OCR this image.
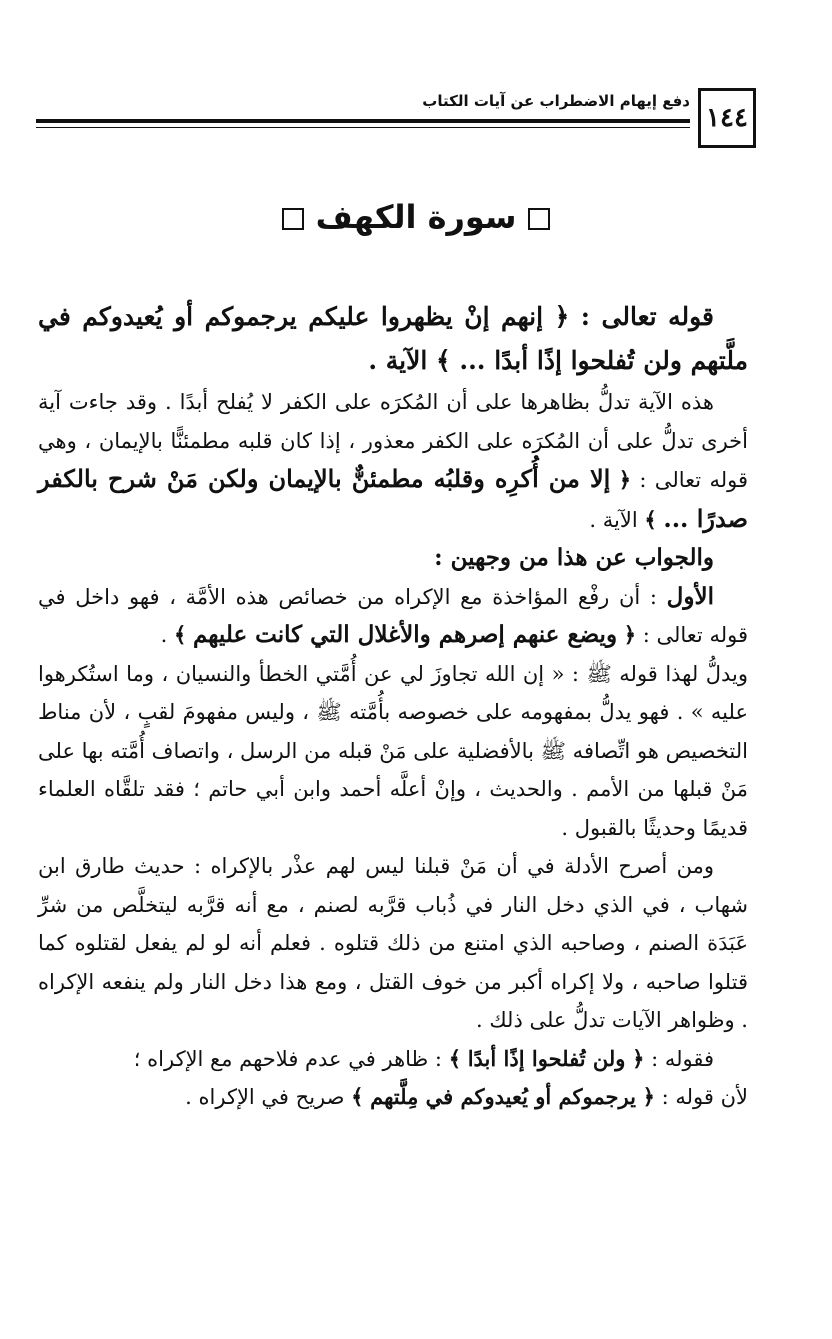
١٤٤
دفع إيهام الاضطراب عن آيات الكتاب
سورة الكهف

قوله تعالى : ﴿ إنهم إنْ يظهروا عليكم يرجموكم أو يُعيدوكم في ملَّتهم ولن تُفلحوا إذًا أبدًا ... ﴾ الآية .

هذه الآية تدلُّ بظاهرها على أن المُكرَه على الكفر لا يُفلح أبدًا . وقد جاءت آية أخرى تدلُّ على أن المُكرَه على الكفر معذور ، إذا كان قلبه مطمئنًّا بالإيمان ، وهي قوله تعالى : ﴿ إلا من أُكرِه وقلبُه مطمئنٌّ بالإيمان ولكن مَنْ شرح بالكفر صدرًا ... ﴾ الآية .

والجواب عن هذا من وجهين :

الأول : أن رفْع المؤاخذة مع الإكراه من خصائص هذه الأمَّة ، فهو داخل في قوله تعالى : ﴿ ويضع عنهم إصرهم والأغلال التي كانت عليهم ﴾ .

ويدلُّ لهذا قوله ﷺ : « إن الله تجاوزَ لي عن أُمَّتي الخطأ والنسيان ، وما استُكرهوا عليه » . فهو يدلُّ بمفهومه على خصوصه بأُمَّته ﷺ ، وليس مفهومَ لقبٍ ، لأن مناط التخصيص هو اتِّصافه ﷺ بالأفضلية على مَنْ قبله من الرسل ، واتصاف أُمَّته بها على مَنْ قبلها من الأمم . والحديث ، وإنْ أعلَّه أحمد وابن أبي حاتم ؛ فقد تلقَّاه العلماء قديمًا وحديثًا بالقبول .

ومن أصرح الأدلة في أن مَنْ قبلنا ليس لهم عذْر بالإكراه : حديث طارق ابن شهاب ، في الذي دخل النار في ذُباب قرَّبه لصنم ، مع أنه قرَّبه ليتخلَّص من شرِّ عَبَدَة الصنم ، وصاحبه الذي امتنع من ذلك قتلوه . فعلم أنه لو لم يفعل لقتلوه كما قتلوا صاحبه ، ولا إكراه أكبر من خوف القتل ، ومع هذا دخل النار ولم ينفعه الإكراه . وظواهر الآيات تدلُّ على ذلك .

فقوله : ﴿ ولن تُفلحوا إذًا أبدًا ﴾ : ظاهر في عدم فلاحهم مع الإكراه ؛

لأن قوله : ﴿ يرجموكم أو يُعيدوكم في مِلَّتهم ﴾ صريح في الإكراه .
